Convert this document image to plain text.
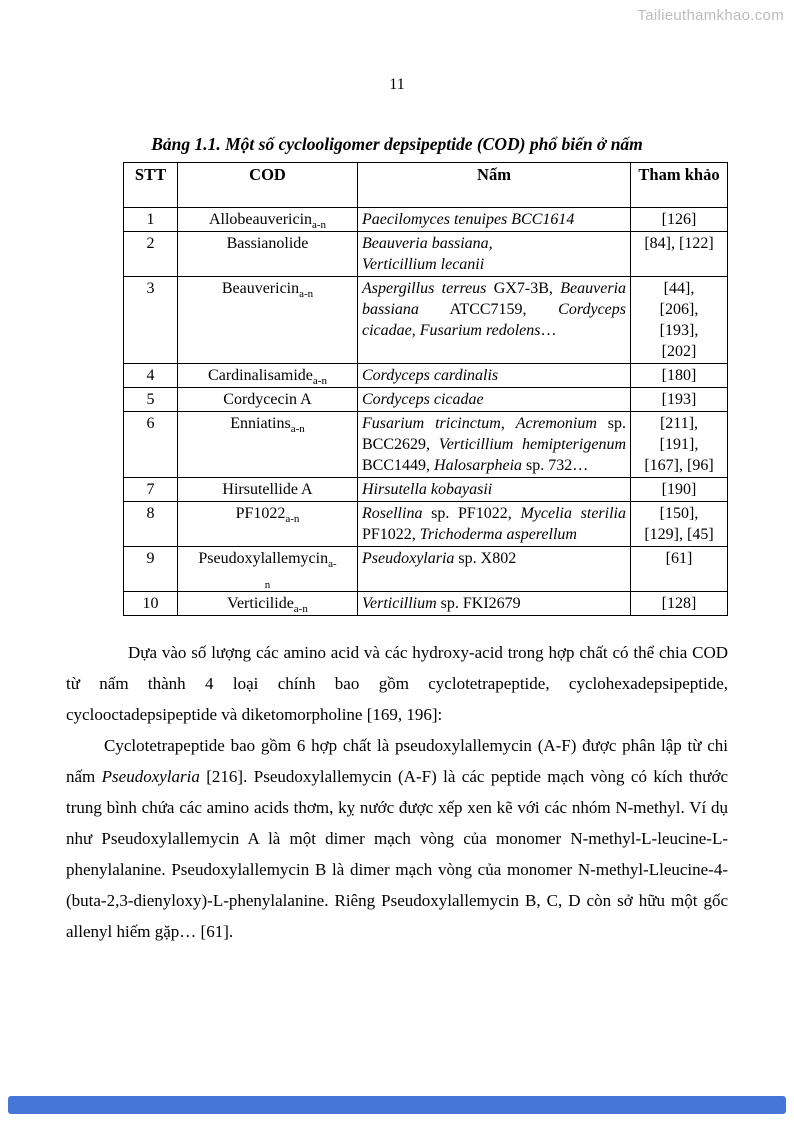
Tailieuthamkhao.com
11
Bảng 1.1. Một số cyclooligomer depsipeptide (COD) phổ biến ở nấm
STT	COD	Nấm	Tham khảo
1	Allobeauvericin$_{a-n}$	Paecilomyces tenuipes BCC1614	[126]
2	Bassianolide	Beauveria bassiana,
Verticillium lecanii	[84], [122]
3	Beauvericin$_{a-n}$	Aspergillus terreus GX7-3B, Beauveria bassiana ATCC7159, Cordyceps cicadae, Fusarium redolens…	[44],
[206],
[193],
[202]
4	Cardinalisamide$_{a-n}$	Cordyceps cardinalis	[180]
5	Cordycecin A	Cordyceps cicadae	[193]
6	Enniatins$_{a-n}$	Fusarium tricinctum, Acremonium sp. BCC2629, Verticillium hemipterigenum BCC1449, Halosarpheia sp. 732…	[211],
[191],
[167], [96]
7	Hirsutellide A	Hirsutella kobayasii	[190]
8	$PF1022_{a-n}$	Rosellina sp. PF1022, Mycelia sterilia PF1022, Trichoderma asperellum	[150],
[129], [45]
9	Pseudoxylallemycin$_{a-}$
$_n$	Pseudoxylaria sp. X802	[61]
10	Verticilide$_{a-n}$	Verticillium sp. FKI2679	[128]

Dựa vào số lượng các amino acid và các hydroxy-acid trong hợp chất có thể chia COD từ nấm thành 4 loại chính bao gồm cyclotetrapeptide, cyclohexadepsipeptide, cyclooctadepsipeptide và diketomorpholine [169, 196]:

Cyclotetrapeptide bao gồm 6 hợp chất là pseudoxylallemycin (A-F) được phân lập từ chi nấm Pseudoxylaria [216]. Pseudoxylallemycin (A-F) là các peptide mạch vòng có kích thước trung bình chứa các amino acids thơm, kỵ nước được xếp xen kẽ với các nhóm N-methyl. Ví dụ như Pseudoxylallemycin A là một dimer mạch vòng của monomer N-methyl-L-leucine-L-phenylalanine. Pseudoxylallemycin B là dimer mạch vòng của monomer N-methyl-Lleucine-4-(buta-2,3-dienyloxy)-L-phenylalanine. Riêng Pseudoxylallemycin B, C, D còn sở hữu một gốc allenyl hiếm gặp… [61].
